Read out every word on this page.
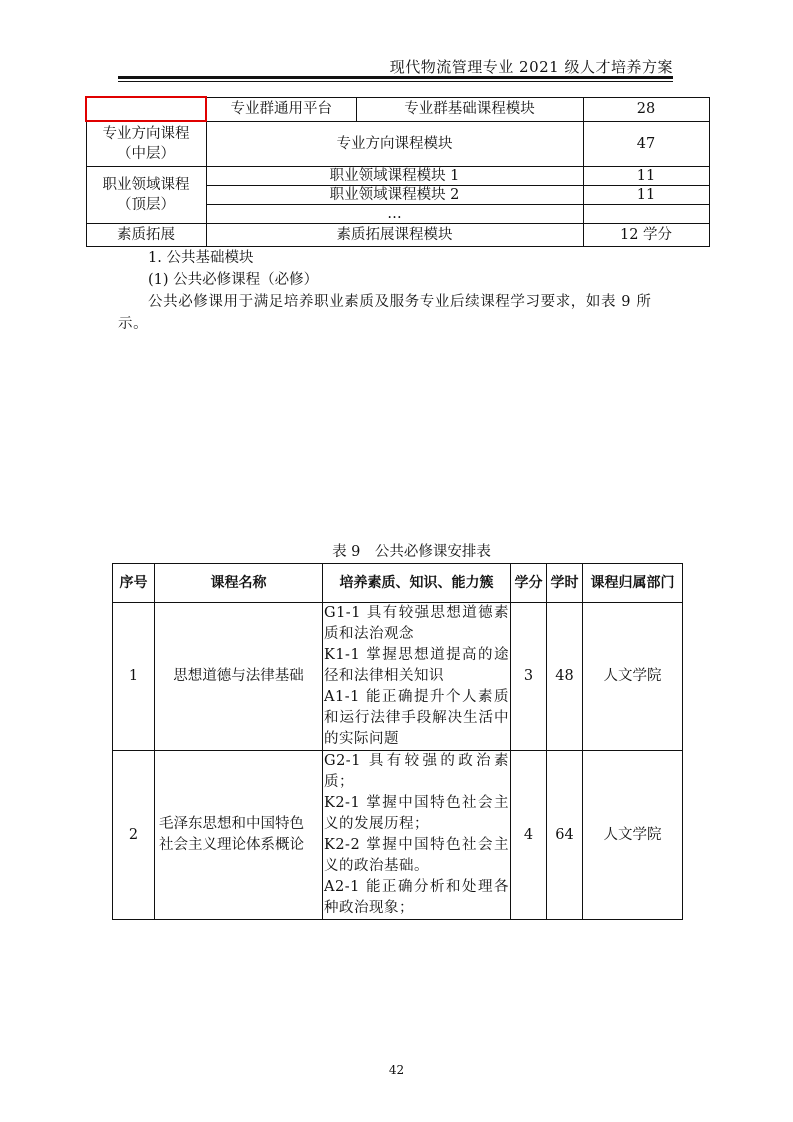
现代物流管理专业 2021 级人才培养方案
	专业群通用平台	专业群基础课程模块	28

专业方向课程
（中层）	专业方向课程模块		47

职业领域课程
（顶层）	职业领域课程模块 1		11
	职业领域课程模块 2		11
	…		
素质拓展	素质拓展课程模块		12 学分
1. 公共基础模块
(1) 公共必修课程（必修）
公共必修课用于满足培养职业素质及服务专业后续课程学习要求，如表 9 所示。
表 9　公共必修课安排表
序号	课程名称	培养素质、知识、能力簇	学分	学时	课程归属部门
1	思想道德与法律基础	G1-1 具有较强思想道德素质和法治观念
K1-1 掌握思想道提高的途径和法律相关知识
A1-1 能正确提升个人素质和运行法律手段解决生活中的实际问题	3	48	人文学院
2	毛泽东思想和中国特色社会主义理论体系概论	G2-1 具有较强的政治素质；
K2-1 掌握中国特色社会主义的发展历程；
K2-2 掌握中国特色社会主义的政治基础。
A2-1 能正确分析和处理各种政治现象；	4	64	人文学院
42
